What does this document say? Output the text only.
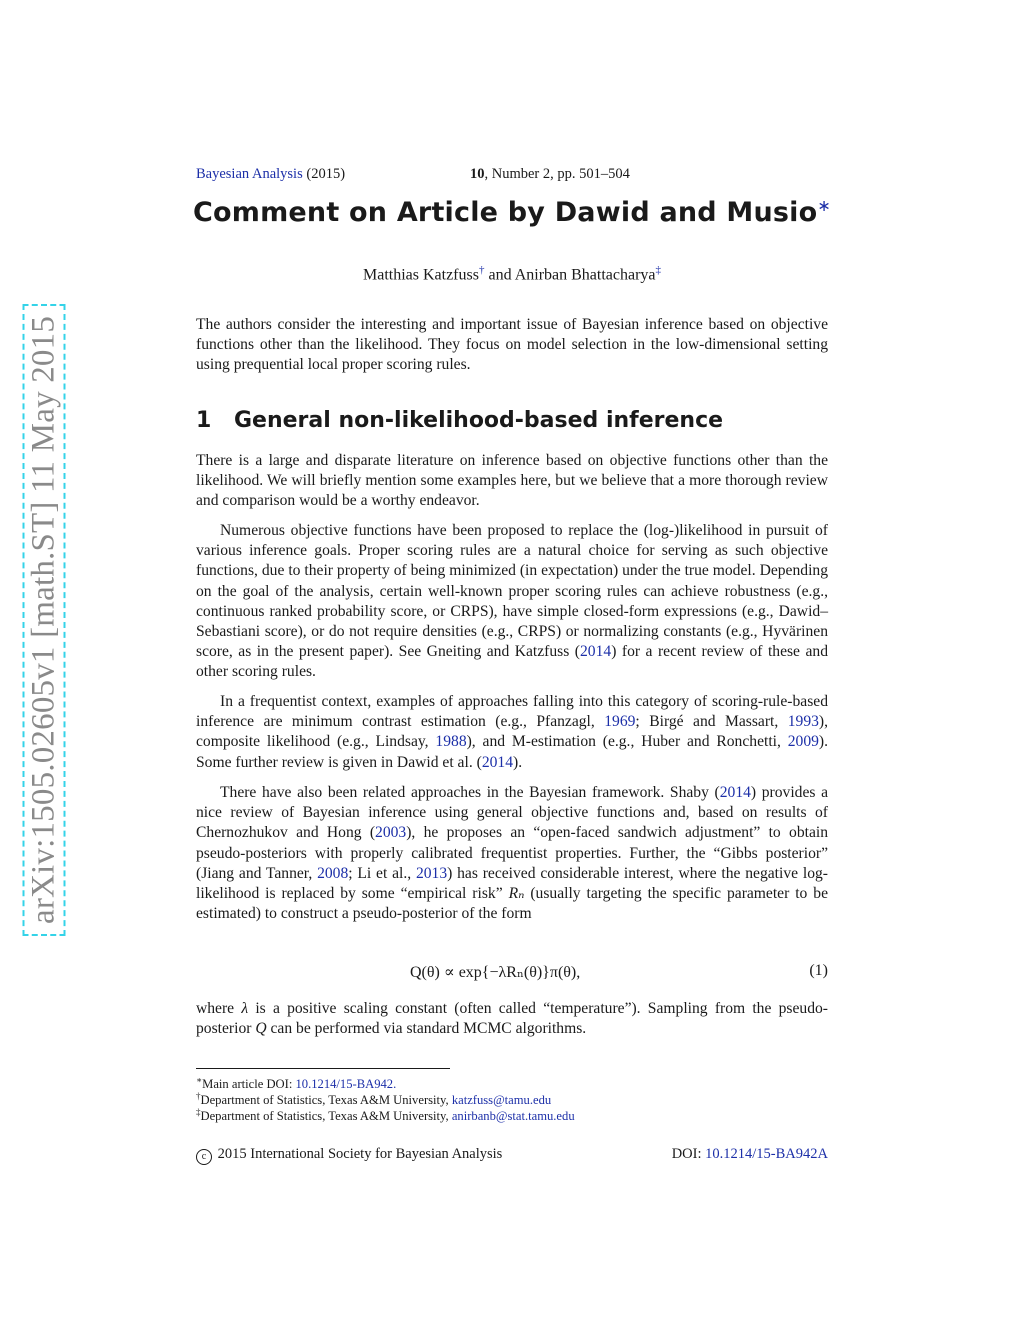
arXiv:1505.02605v1 [math.ST] 11 May 2015
Bayesian Analysis (2015)	10, Number 2, pp. 501–504
Comment on Article by Dawid and Musio∗
Matthias Katzfuss† and Anirban Bhattacharya‡

The authors consider the interesting and important issue of Bayesian inference based on objective functions other than the likelihood. They focus on model selection in the low-dimensional setting using prequential local proper scoring rules.

1 General non-likelihood-based inference

There is a large and disparate literature on inference based on objective functions other than the likelihood. We will briefly mention some examples here, but we believe that a more thorough review and comparison would be a worthy endeavor.

Numerous objective functions have been proposed to replace the (log-)likelihood in pursuit of various inference goals. Proper scoring rules are a natural choice for serving as such objective functions, due to their property of being minimized (in expectation) under the true model. Depending on the goal of the analysis, certain well-known proper scoring rules can achieve robustness (e.g., continuous ranked probability score, or CRPS), have simple closed-form expressions (e.g., Dawid–Sebastiani score), or do not require densities (e.g., CRPS) or normalizing constants (e.g., Hyvärinen score, as in the present paper). See Gneiting and Katzfuss (2014) for a recent review of these and other scoring rules.

In a frequentist context, examples of approaches falling into this category of scoring-rule-based inference are minimum contrast estimation (e.g., Pfanzagl, 1969; Birgé and Massart, 1993), composite likelihood (e.g., Lindsay, 1988), and M-estimation (e.g., Huber and Ronchetti, 2009). Some further review is given in Dawid et al. (2014).

There have also been related approaches in the Bayesian framework. Shaby (2014) provides a nice review of Bayesian inference using general objective functions and, based on results of Chernozhukov and Hong (2003), he proposes an “open-faced sandwich adjustment” to obtain pseudo-posteriors with properly calibrated frequentist properties. Further, the “Gibbs posterior” (Jiang and Tanner, 2008; Li et al., 2013) has received considerable interest, where the negative log-likelihood is replaced by some “empirical risk” Rₙ (usually targeting the specific parameter to be estimated) to construct a pseudo-posterior of the form

Q(θ) ∝ exp{−λRₙ(θ)}π(θ),	(1)

where λ is a positive scaling constant (often called “temperature”). Sampling from the pseudo-posterior Q can be performed via standard MCMC algorithms.

∗Main article DOI: 10.1214/15-BA942.
†Department of Statistics, Texas A&M University, katzfuss@tamu.edu
‡Department of Statistics, Texas A&M University, anirbanb@stat.tamu.edu
c 2015 International Society for Bayesian Analysis	DOI: 10.1214/15-BA942A
